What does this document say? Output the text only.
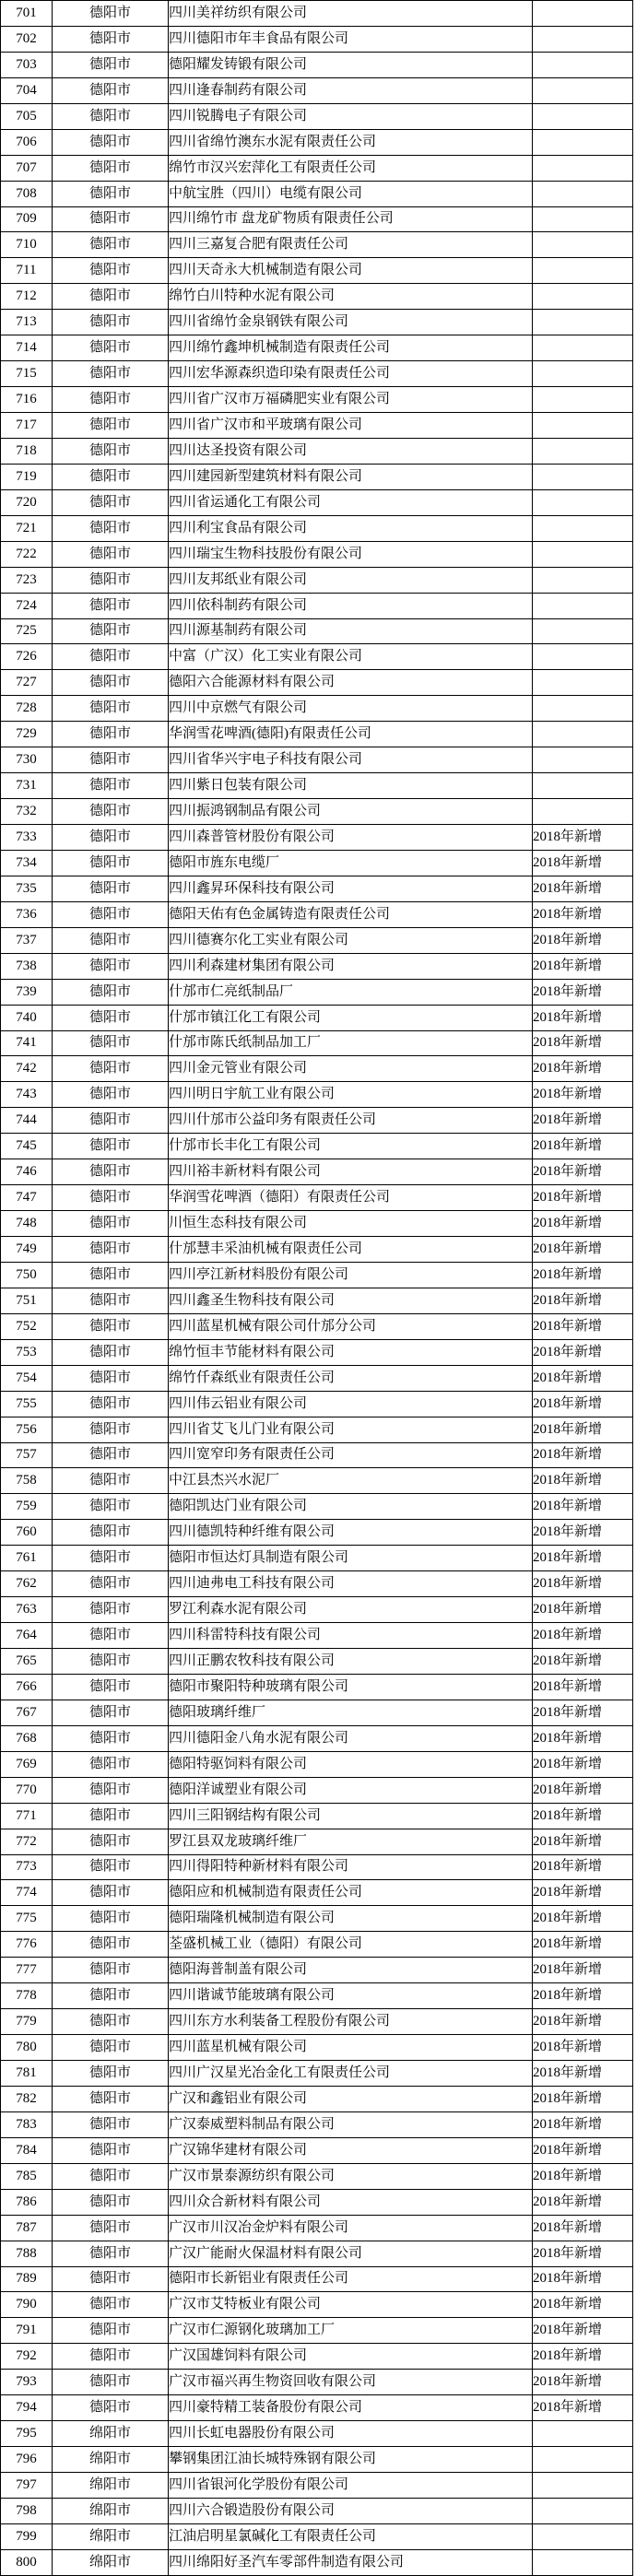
701	德阳市	四川美祥纺织有限公司	
702	德阳市	四川德阳市年丰食品有限公司	
703	德阳市	德阳耀发铸锻有限公司	
704	德阳市	四川逢春制药有限公司	
705	德阳市	四川锐腾电子有限公司	
706	德阳市	四川省绵竹澳东水泥有限责任公司	
707	德阳市	绵竹市汉兴宏萍化工有限责任公司	
708	德阳市	中航宝胜（四川）电缆有限公司	
709	德阳市	四川绵竹市 盘龙矿物质有限责任公司	
710	德阳市	四川三嘉复合肥有限责任公司	
711	德阳市	四川天奇永大机械制造有限公司	
712	德阳市	绵竹白川特种水泥有限公司	
713	德阳市	四川省绵竹金泉钢铁有限公司	
714	德阳市	四川绵竹鑫坤机械制造有限责任公司	
715	德阳市	四川宏华源森织造印染有限责任公司	
716	德阳市	四川省广汉市万福磷肥实业有限公司	
717	德阳市	四川省广汉市和平玻璃有限公司	
718	德阳市	四川达圣投资有限公司	
719	德阳市	四川建园新型建筑材料有限公司	
720	德阳市	四川省运通化工有限公司	
721	德阳市	四川利宝食品有限公司	
722	德阳市	四川瑞宝生物科技股份有限公司	
723	德阳市	四川友邦纸业有限公司	
724	德阳市	四川依科制药有限公司	
725	德阳市	四川源基制药有限公司	
726	德阳市	中富（广汉）化工实业有限公司	
727	德阳市	德阳六合能源材料有限公司	
728	德阳市	四川中京燃气有限公司	
729	德阳市	华润雪花啤酒(德阳)有限责任公司	
730	德阳市	四川省华兴宇电子科技有限公司	
731	德阳市	四川紫日包装有限公司	
732	德阳市	四川振鸿钢制品有限公司	
733	德阳市	四川森普管材股份有限公司	2018年新增
734	德阳市	德阳市旌东电缆厂	2018年新增
735	德阳市	四川鑫昇环保科技有限公司	2018年新增
736	德阳市	德阳天佑有色金属铸造有限责任公司	2018年新增
737	德阳市	四川德赛尔化工实业有限公司	2018年新增
738	德阳市	四川利森建材集团有限公司	2018年新增
739	德阳市	什邡市仁亮纸制品厂	2018年新增
740	德阳市	什邡市镇江化工有限公司	2018年新增
741	德阳市	什邡市陈氏纸制品加工厂	2018年新增
742	德阳市	四川金元管业有限公司	2018年新增
743	德阳市	四川明日宇航工业有限公司	2018年新增
744	德阳市	四川什邡市公益印务有限责任公司	2018年新增
745	德阳市	什邡市长丰化工有限公司	2018年新增
746	德阳市	四川裕丰新材料有限公司	2018年新增
747	德阳市	华润雪花啤酒（德阳）有限责任公司	2018年新增
748	德阳市	川恒生态科技有限公司	2018年新增
749	德阳市	什邡慧丰采油机械有限责任公司	2018年新增
750	德阳市	四川亭江新材料股份有限公司	2018年新增
751	德阳市	四川鑫圣生物科技有限公司	2018年新增
752	德阳市	四川蓝星机械有限公司什邡分公司	2018年新增
753	德阳市	绵竹恒丰节能材料有限公司	2018年新增
754	德阳市	绵竹仟森纸业有限责任公司	2018年新增
755	德阳市	四川伟云铝业有限公司	2018年新增
756	德阳市	四川省艾飞儿门业有限公司	2018年新增
757	德阳市	四川宽窄印务有限责任公司	2018年新增
758	德阳市	中江县杰兴水泥厂	2018年新增
759	德阳市	德阳凯达门业有限公司	2018年新增
760	德阳市	四川德凯特种纤维有限公司	2018年新增
761	德阳市	德阳市恒达灯具制造有限公司	2018年新增
762	德阳市	四川迪弗电工科技有限公司	2018年新增
763	德阳市	罗江利森水泥有限公司	2018年新增
764	德阳市	四川科雷特科技有限公司	2018年新增
765	德阳市	四川正鹏农牧科技有限公司	2018年新增
766	德阳市	德阳市聚阳特种玻璃有限公司	2018年新增
767	德阳市	德阳玻璃纤维厂	2018年新增
768	德阳市	四川德阳金八角水泥有限公司	2018年新增
769	德阳市	德阳特驱饲料有限公司	2018年新增
770	德阳市	德阳洋诚塑业有限公司	2018年新增
771	德阳市	四川三阳钢结构有限公司	2018年新增
772	德阳市	罗江县双龙玻璃纤维厂	2018年新增
773	德阳市	四川得阳特种新材料有限公司	2018年新增
774	德阳市	德阳应和机械制造有限责任公司	2018年新增
775	德阳市	德阳瑞隆机械制造有限公司	2018年新增
776	德阳市	荃盛机械工业（德阳）有限公司	2018年新增
777	德阳市	德阳海普制盖有限公司	2018年新增
778	德阳市	四川谐诚节能玻璃有限公司	2018年新增
779	德阳市	四川东方水利装备工程股份有限公司	2018年新增
780	德阳市	四川蓝星机械有限公司	2018年新增
781	德阳市	四川广汉星光冶金化工有限责任公司	2018年新增
782	德阳市	广汉和鑫铝业有限公司	2018年新增
783	德阳市	广汉泰威塑料制品有限公司	2018年新增
784	德阳市	广汉锦华建材有限公司	2018年新增
785	德阳市	广汉市景泰源纺织有限公司	2018年新增
786	德阳市	四川众合新材料有限公司	2018年新增
787	德阳市	广汉市川汉冶金炉料有限公司	2018年新增
788	德阳市	广汉广能耐火保温材料有限公司	2018年新增
789	德阳市	德阳市长新铝业有限责任公司	2018年新增
790	德阳市	广汉市艾特板业有限公司	2018年新增
791	德阳市	广汉市仁源钢化玻璃加工厂	2018年新增
792	德阳市	广汉国雄饲料有限公司	2018年新增
793	德阳市	广汉市福兴再生物资回收有限公司	2018年新增
794	德阳市	四川豪特精工装备股份有限公司	2018年新增
795	绵阳市	四川长虹电器股份有限公司	
796	绵阳市	攀钢集团江油长城特殊钢有限公司	
797	绵阳市	四川省银河化学股份有限公司	
798	绵阳市	四川六合锻造股份有限公司	
799	绵阳市	江油启明星氯碱化工有限责任公司	
800	绵阳市	四川绵阳好圣汽车零部件制造有限公司	
